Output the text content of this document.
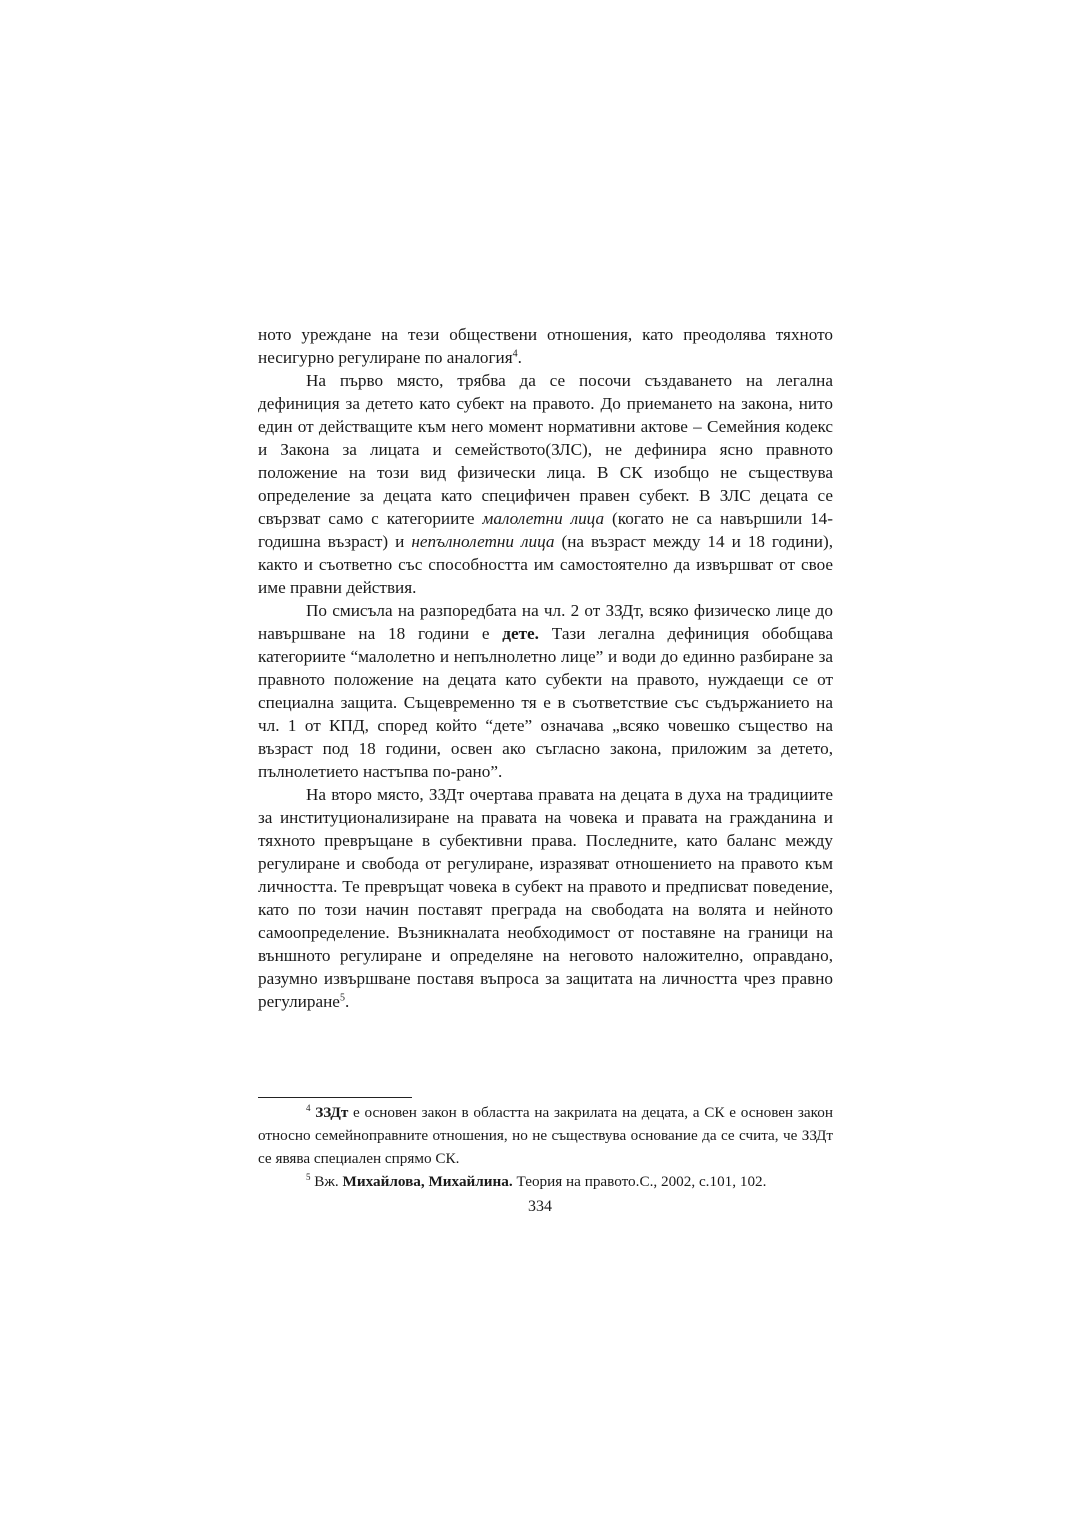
ното уреждане на тези обществени отношения, като преодолява тяхното несигурно регулиране по аналогия$^4$.

На първо място, трябва да се посочи създаването на легална дефиниция за детето като субект на правото. До приемането на закона, нито един от действащите към него момент нормативни актове – Семейния кодекс и Закона за лицата и семейството(ЗЛС), не дефинира ясно правното положение на този вид физически лица. В СК изобщо не съществува определение за децата като специфичен правен субект. В ЗЛС децата се свързват само с категориите малолетни лица (когато не са навършили 14-годишна възраст) и непълнолетни лица (на възраст между 14 и 18 години), както и съответно със способността им самостоятелно да извършват от свое име правни действия.

По смисъла на разпоредбата на чл. 2 от ЗЗДт, всяко физическо лице до навършване на 18 години е дете. Тази легална дефиниция обобщава категориите “малолетно и непълнолетно лице” и води до единно разбиране за правното положение на децата като субекти на правото, нуждаещи се от специална защита. Същевременно тя е в съответствие със съдържанието на чл. 1 от КПД, според който “дете” означава „всяко човешко същество на възраст под 18 години, освен ако съгласно закона, приложим за детето, пълнолетието настъпва по-рано”.

На второ място, ЗЗДт очертава правата на децата в духа на традициите за институционализиране на правата на човека и правата на гражданина и тяхното превръщане в субективни права. Последните, като баланс между регулиране и свобода от регулиране, изразяват отношението на правото към личността. Те превръщат човека в субект на правото и предписват поведение, като по този начин поставят преграда на свободата на волята и нейното самоопределение. Възникналата необходимост от поставяне на граници на външното регулиране и определяне на неговото наложително, оправдано, разумно извършване поставя въпроса за защитата на личността чрез правно регулиране$^5$.

$^4$ ЗЗДт е основен закон в областта на закрилата на децата, а СК е основен закон относно семейноправните отношения, но не съществува основание да се счита, че ЗЗДт се явява специален спрямо СК.

$^5$ Вж. Михайлова, Михайлина. Теория на правото.С., 2002, с.101, 102.

334
